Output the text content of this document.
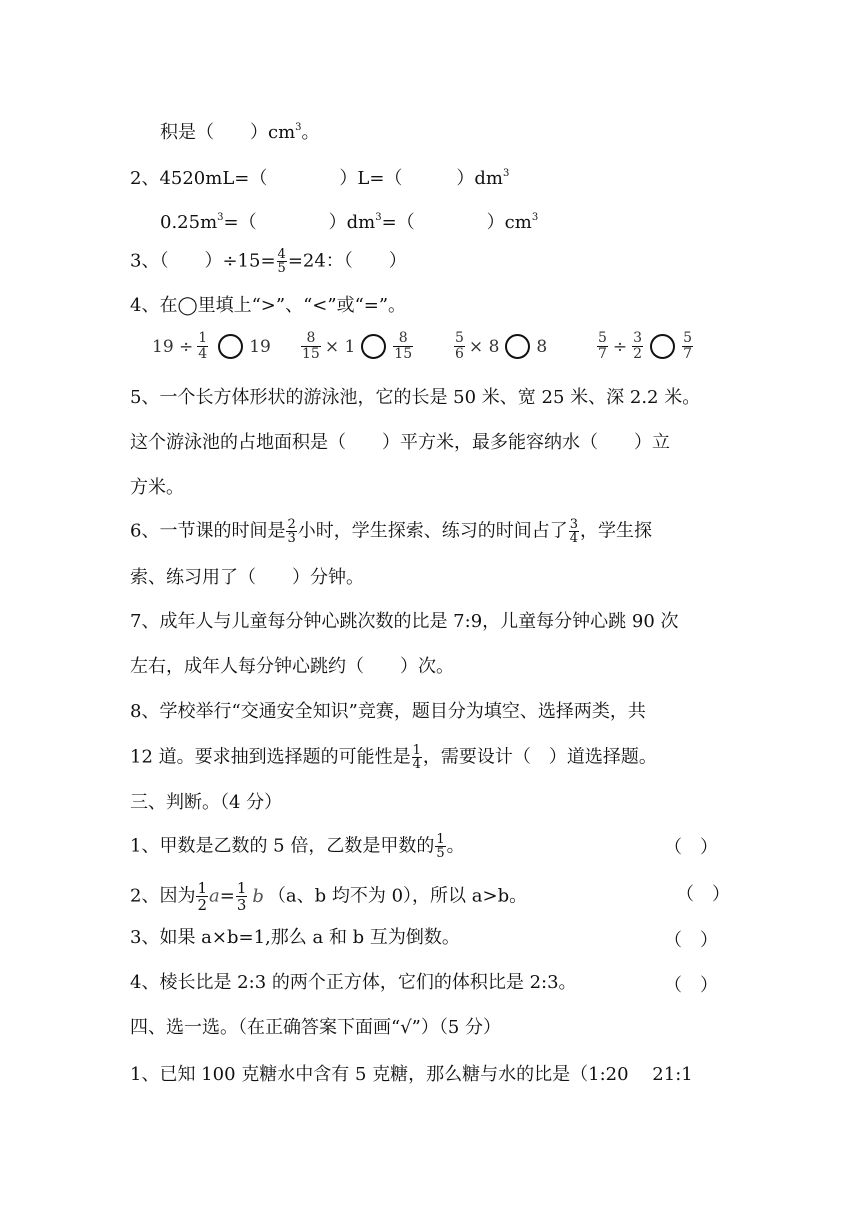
积是（　　）$cm^3$。
2、4520mL=（　　　　）L=（　　　）$dm^3$
$0.25m^3=$（　　　　）$dm^3=$（　　　　）$cm^3$
3、（　　）$\div 15= \frac{4}{5} =24$：（　　）
4、在◯里填上“>”、“<”或“=”。
$19 \div \frac{1}{4} 19 \frac{8}{15} \times 1$	$\frac{8}{15}$	$\frac{5}{6} \times 8$ 8	$\frac{5}{7} \div \frac{3}{2}$	$\frac{5}{7}$
5、一个长方体形状的游泳池，它的长是 50 米、宽 25 米、深 2.2 米。
这个游泳池的占地面积是（　　）平方米，最多能容纳水（　　）立
方米。
6、一节课的时间是 $\frac{2}{3}$ 小时，学生探索、练习的时间占了 $\frac{3}{4}$ ，学生探
索、练习用了（　　）分钟。
7、成年人与儿童每分钟心跳次数的比是 7:9，儿童每分钟心跳 90 次
左右，成年人每分钟心跳约（　　）次。
8、学校举行“交通安全知识”竞赛，题目分为填空、选择两类，共
12 道。要求抽到选择题的可能性是 $\frac{1}{4}$ ，需要设计（　）道选择题。
三、判断。（4 分）
1、甲数是乙数的 5 倍，乙数是甲数的 $\frac{1}{5}$ 。	（　）
2、因为 $\frac{1}{2} a= \frac{1}{3}$ b （a、b 均不为 0），所以 a>b。	（　）
3、如果 a×b=1,那么 a 和 b 互为倒数。	（　）
4、棱长比是 2:3 的两个正方体，它们的体积比是 2:3。	（　）
四、选一选。（在正确答案下面画“√”）（5 分）
1、已知 100 克糖水中含有 5 克糖，那么糖与水的比是（1:20　 21:1
